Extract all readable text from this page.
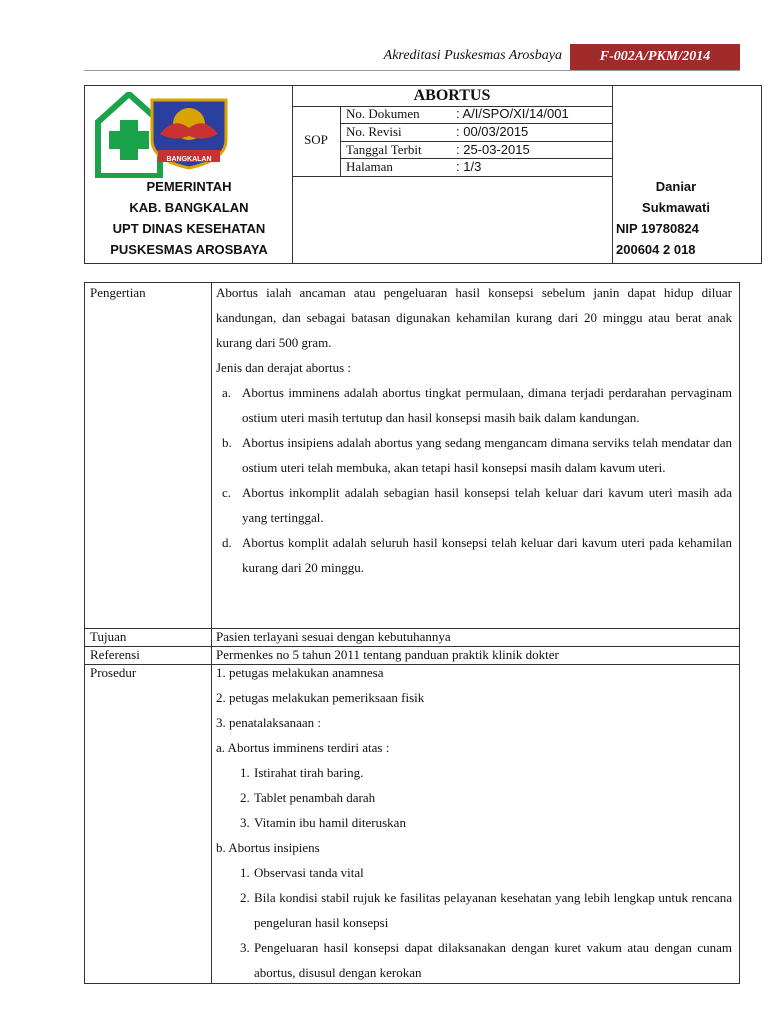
Akreditasi Puskesmas Arosbaya	F-002A/PKM/2014
BANGKALAN
ABORTUS
SOP
No. Dokumen	: A/I/SPO/XI/14/001
No. Revisi	: 00/03/2015
Tanggal Terbit	: 25-03-2015
Halaman	: 1/3
PEMERINTAH
KAB. BANGKALAN
UPT DINAS KESEHATAN
PUSKESMAS AROSBAYA
Daniar
Sukmawati
NIP 19780824
200604 2 018
Pengertian	Abortus ialah ancaman atau pengeluaran hasil konsepsi sebelum janin dapat hidup diluar kandungan, dan sebagai batasan digunakan kehamilan kurang dari 20 minggu atau berat anak kurang dari 500 gram.

Jenis dan derajat abortus :

a. Abortus imminens adalah abortus tingkat permulaan, dimana terjadi perdarahan pervaginam ostium uteri masih tertutup dan hasil konsepsi masih baik dalam kandungan.
b. Abortus insipiens adalah abortus yang sedang mengancam dimana serviks telah mendatar dan ostium uteri telah membuka, akan tetapi hasil konsepsi masih dalam kavum uteri.
c. Abortus inkomplit adalah sebagian hasil konsepsi telah keluar dari kavum uteri masih ada yang tertinggal.
d. Abortus komplit adalah seluruh hasil konsepsi telah keluar dari kavum uteri pada kehamilan kurang dari 20 minggu.
Tujuan	Pasien terlayani sesuai dengan kebutuhannya

Referensi	Permenkes no 5 tahun 2011 tentang panduan praktik klinik dokter

Prosedur	1. petugas melakukan anamnesa

2. petugas melakukan pemeriksaan fisik

3. penatalaksanaan :

a. Abortus imminens terdiri atas :

1. Istirahat tirah baring.
2. Tablet penambah darah
3. Vitamin ibu hamil diteruskan

b. Abortus insipiens

1. Observasi tanda vital
2. Bila kondisi stabil rujuk ke fasilitas pelayanan kesehatan yang lebih lengkap untuk rencana pengeluran hasil konsepsi
3. Pengeluaran hasil konsepsi dapat dilaksanakan dengan kuret vakum atau dengan cunam abortus, disusul dengan kerokan
